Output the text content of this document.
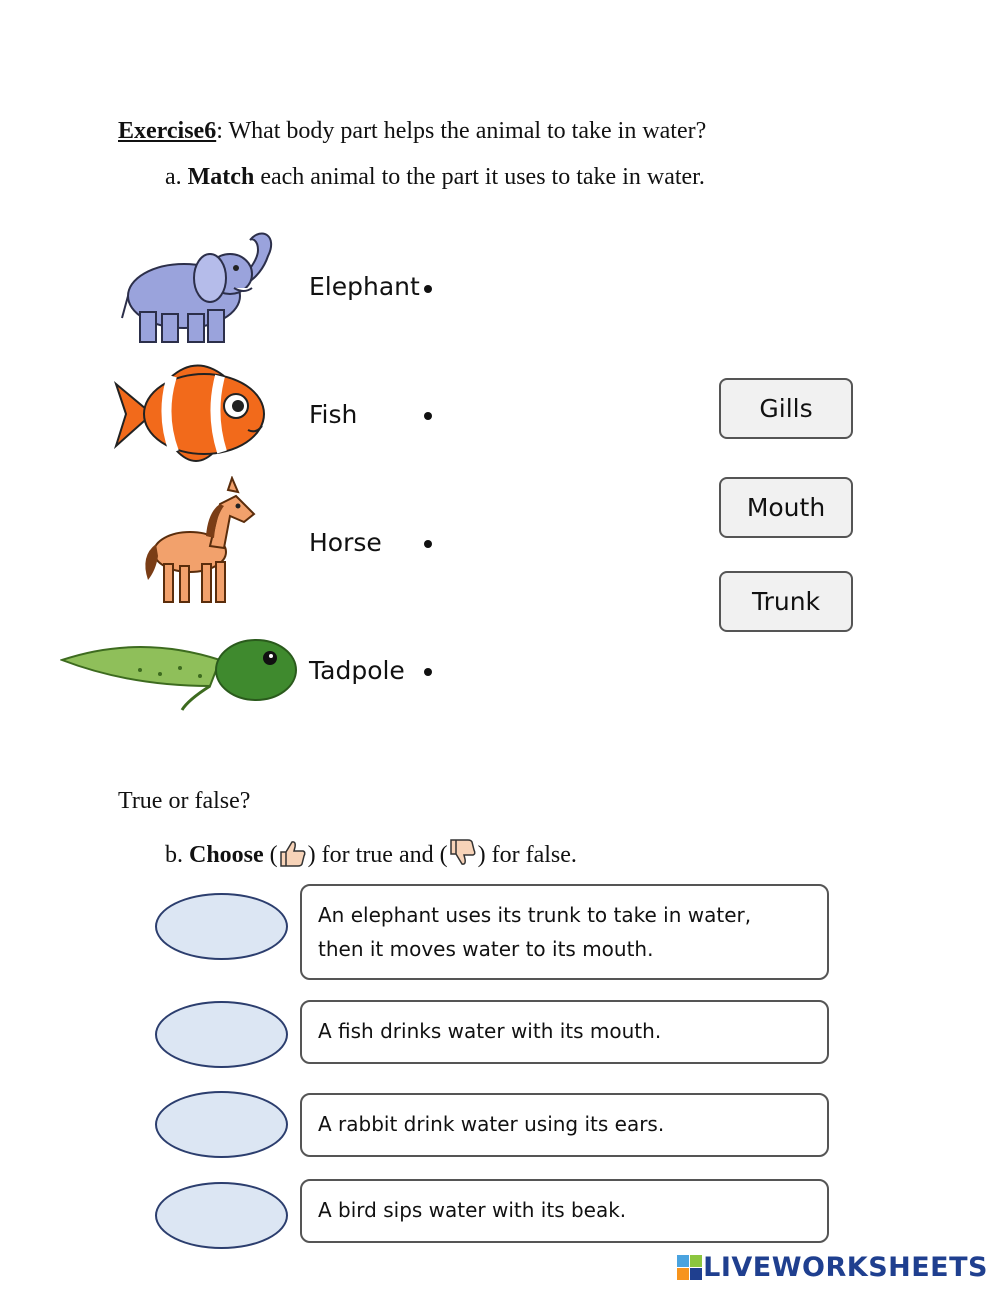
Exercise6: What body part helps the animal to take in water?
a. Match each animal to the part it uses to take in water.
Elephant
Fish
Horse
Tadpole
Gills
Mouth
Trunk
True or false?
b. Choose ( ) for true and ( ) for false.
An elephant uses its trunk to take in water,
then it moves water to its mouth.
A fish drinks water with its mouth.
A rabbit drink water using its ears.
A bird sips water with its beak.
LIVEWORKSHEETS
